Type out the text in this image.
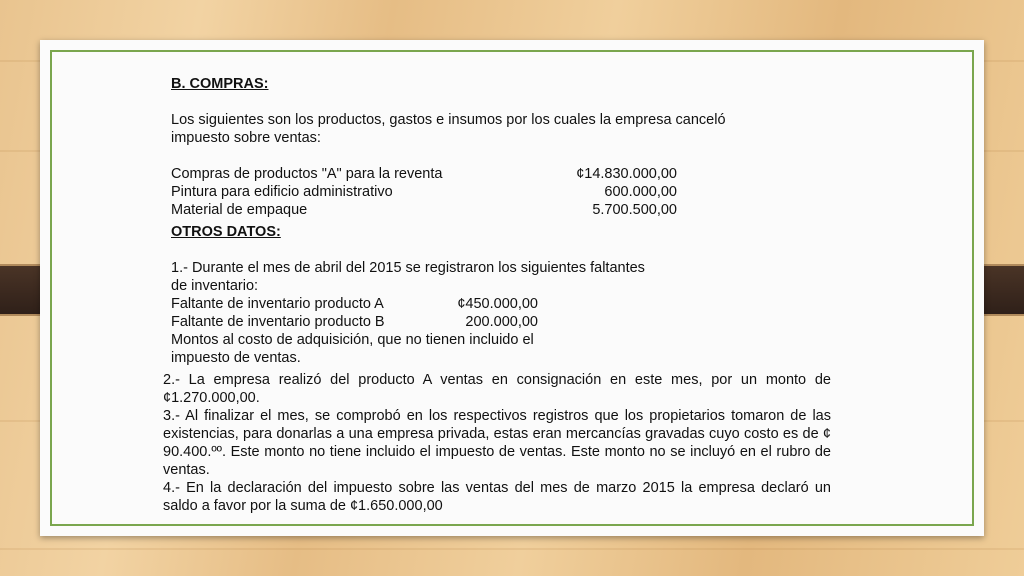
B. COMPRAS:
Los siguientes son los productos, gastos e insumos por los cuales la empresa canceló
impuesto sobre ventas:
Compras de productos "A" para la reventa	¢14.830.000,00
Pintura para edificio administrativo	600.000,00
Material de empaque	5.700.500,00
OTROS DATOS:
1.- Durante el mes de abril del 2015 se registraron los siguientes faltantes
de inventario:
Faltante de inventario producto A	¢450.000,00
Faltante de inventario producto B	200.000,00
Montos al costo de adquisición, que no tienen incluido el
impuesto de ventas.
2.- La empresa realizó del producto A ventas en consignación en este mes, por un monto de ¢1.270.000,00.
3.- Al finalizar el mes, se comprobó en los respectivos registros que los propietarios tomaron de las existencias, para donarlas a una empresa privada, estas eran mercancías gravadas cuyo costo es de ¢ 90.400.ºº. Este monto no tiene incluido el impuesto de ventas. Este monto no se incluyó en el rubro de ventas.
4.- En la declaración del impuesto sobre las ventas del mes de marzo 2015 la empresa declaró un saldo a favor por la suma de ¢1.650.000,00
